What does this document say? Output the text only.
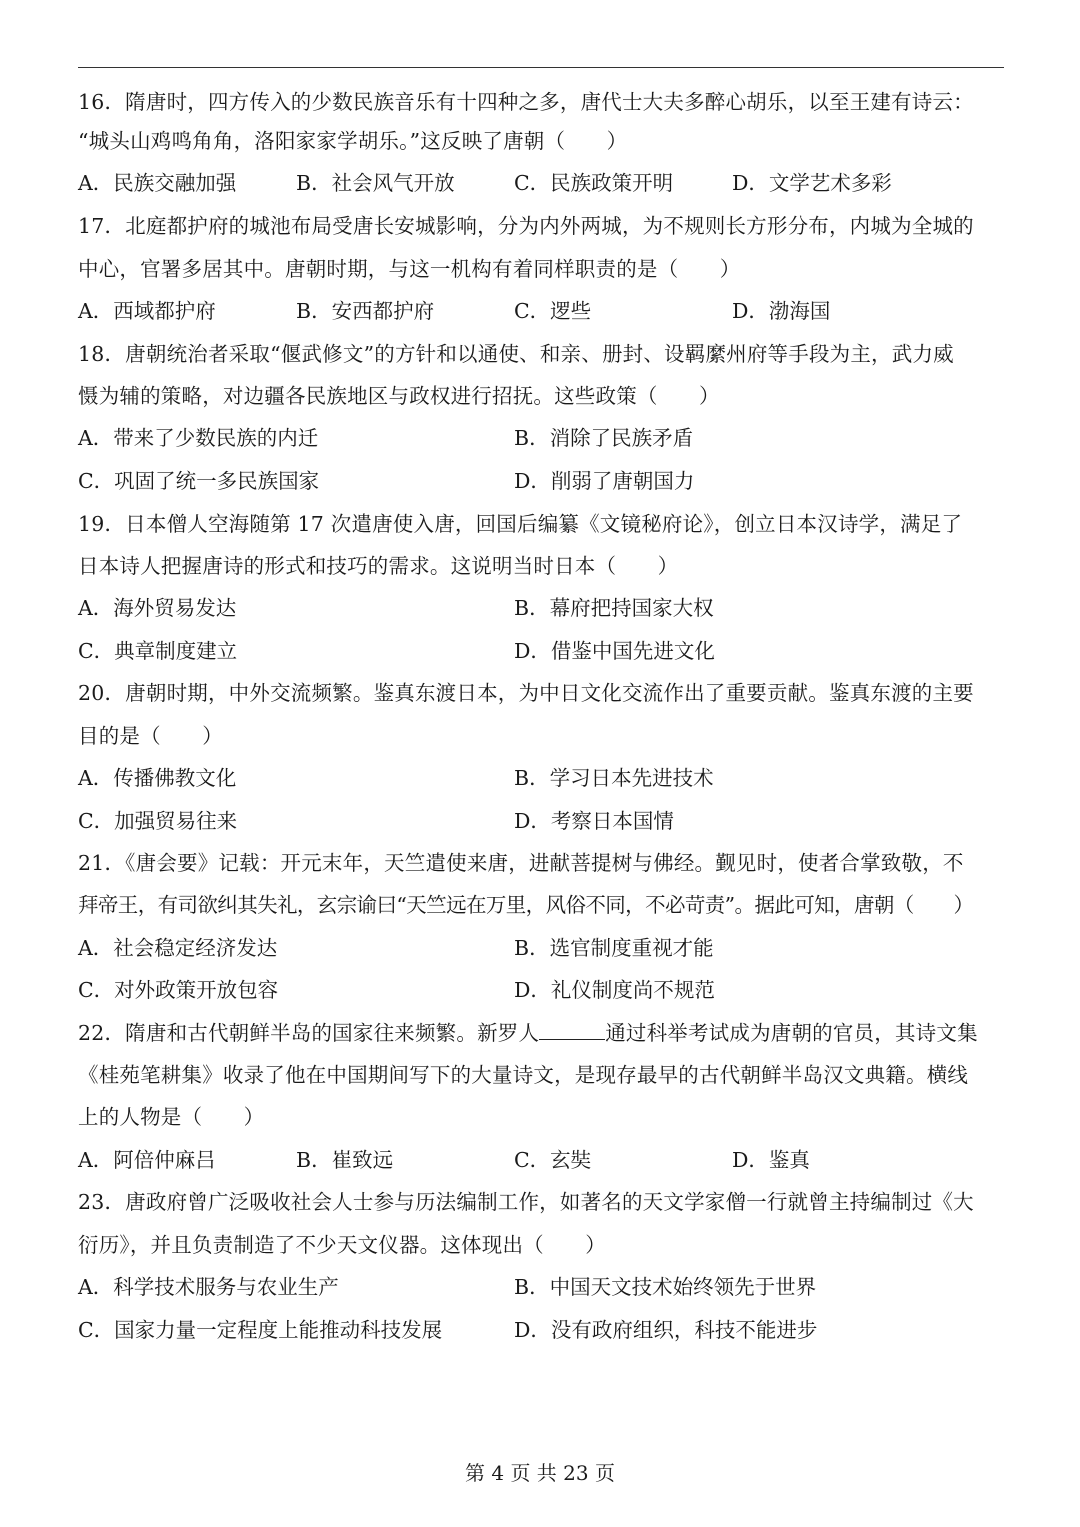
16．隋唐时，四方传入的少数民族音乐有十四种之多，唐代士大夫多醉心胡乐，以至王建有诗云：
“城头山鸡鸣角角，洛阳家家学胡乐。”这反映了唐朝（　　）
A．民族交融加强	B．社会风气开放	C．民族政策开明	D．文学艺术多彩
17．北庭都护府的城池布局受唐长安城影响，分为内外两城，为不规则长方形分布，内城为全城的
中心，官署多居其中。唐朝时期，与这一机构有着同样职责的是（　　）
A．西域都护府	B．安西都护府	C．逻些	D．渤海国
18．唐朝统治者采取“偃武修文”的方针和以通使、和亲、册封、设羁縻州府等手段为主，武力威
慑为辅的策略，对边疆各民族地区与政权进行招抚。这些政策（　　）
A．带来了少数民族的内迁	B．消除了民族矛盾
C．巩固了统一多民族国家	D．削弱了唐朝国力
19．日本僧人空海随第 17 次遣唐使入唐，回国后编纂《文镜秘府论》，创立日本汉诗学，满足了
日本诗人把握唐诗的形式和技巧的需求。这说明当时日本（　　）
A．海外贸易发达	B．幕府把持国家大权
C．典章制度建立	D．借鉴中国先进文化
20．唐朝时期，中外交流频繁。鉴真东渡日本，为中日文化交流作出了重要贡献。鉴真东渡的主要
目的是（　　）
A．传播佛教文化	B．学习日本先进技术
C．加强贸易往来	D．考察日本国情
21．《唐会要》记载：开元末年，天竺遣使来唐，进献菩提树与佛经。觐见时，使者合掌致敬，不
拜帝王，有司欲纠其失礼，玄宗谕曰“天竺远在万里，风俗不同，不必苛责”。据此可知，唐朝（　　）
A．社会稳定经济发达	B．选官制度重视才能
C．对外政策开放包容	D．礼仪制度尚不规范
22．隋唐和古代朝鲜半岛的国家往来频繁。新罗人	通过科举考试成为唐朝的官员，其诗文集
《桂苑笔耕集》收录了他在中国期间写下的大量诗文，是现存最早的古代朝鲜半岛汉文典籍。横线
上的人物是（　　）
A．阿倍仲麻吕	B．崔致远	C．玄奘	D．鉴真
23．唐政府曾广泛吸收社会人士参与历法编制工作，如著名的天文学家僧一行就曾主持编制过《大
衍历》，并且负责制造了不少天文仪器。这体现出（　　）
A．科学技术服务与农业生产	B．中国天文技术始终领先于世界
C．国家力量一定程度上能推动科技发展	D．没有政府组织，科技不能进步
第 4 页 共 23 页
